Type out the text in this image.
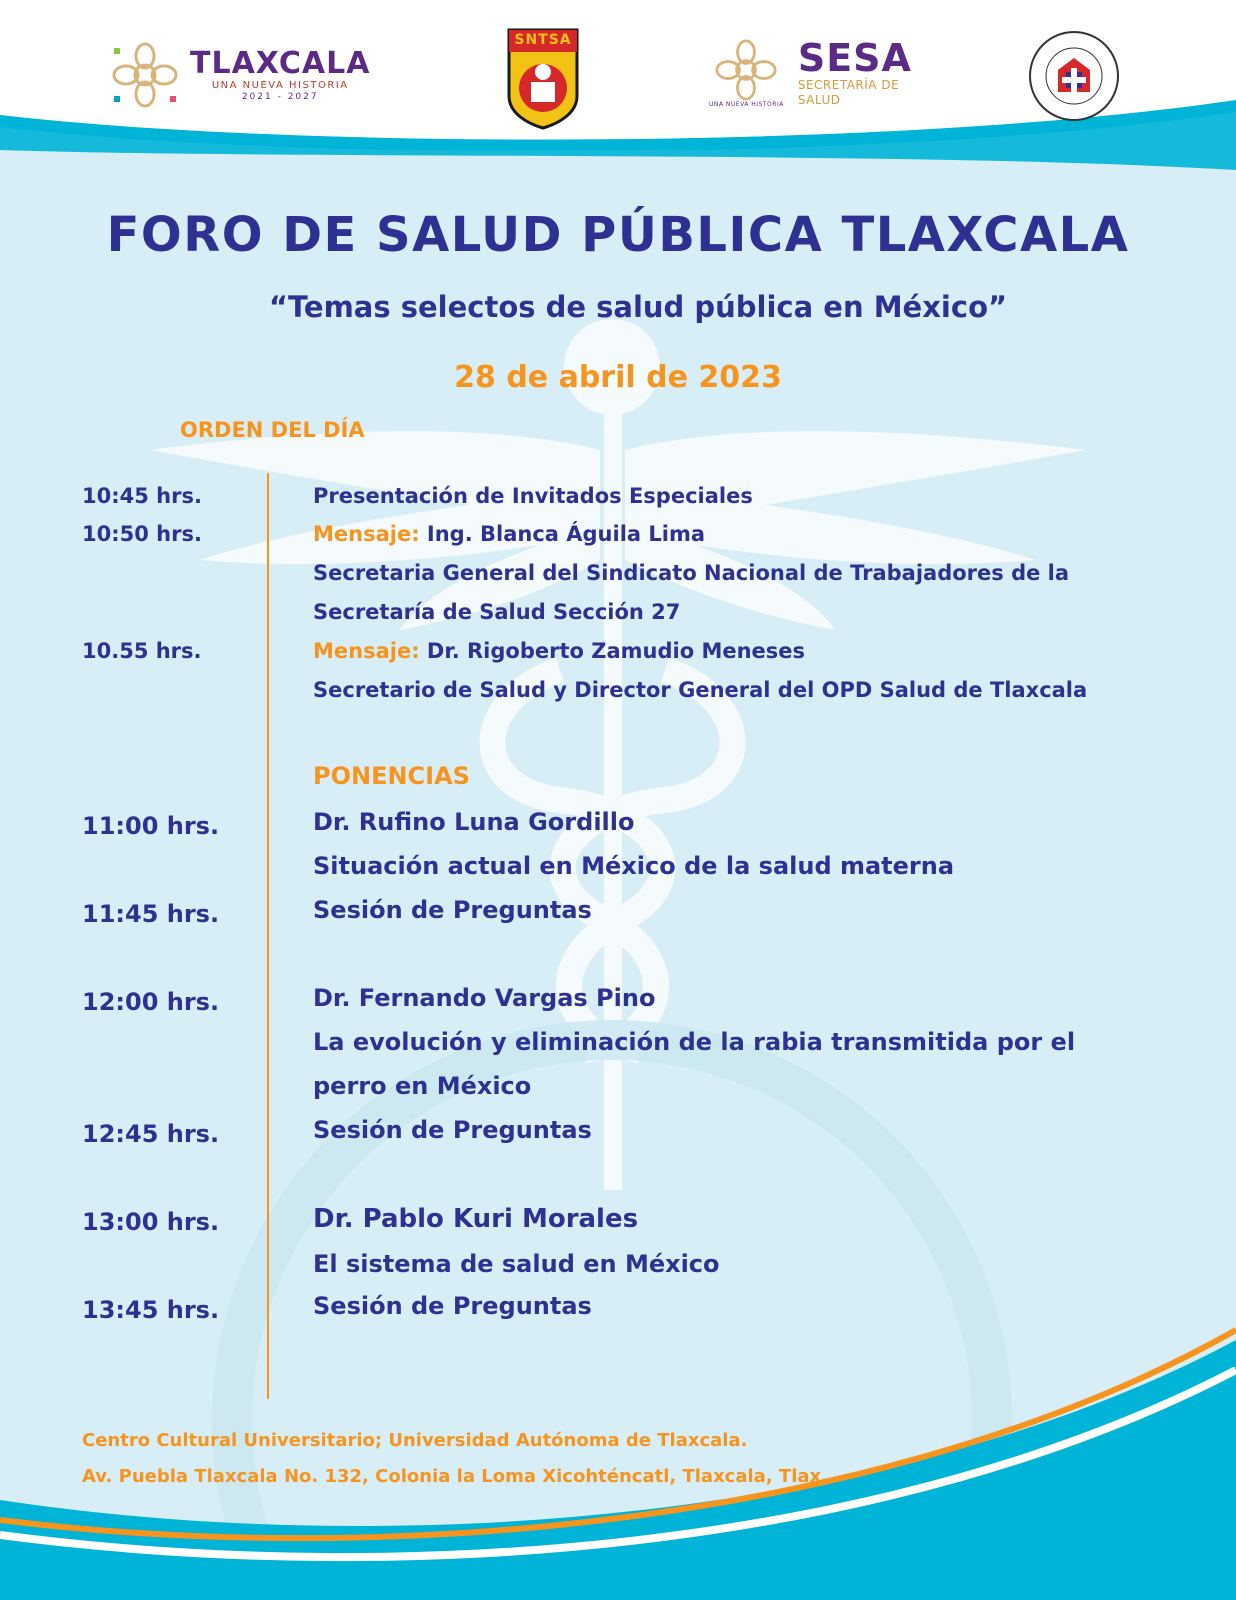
TLAXCALA
UNA NUEVA HISTORIA
2021 - 2027
SNTSA
UNA NUEVA HISTORIA
SESA
SECRETARÍA DE
SALUD
FORO DE SALUD PÚBLICA TLAXCALA
“Temas selectos de salud pública en México”
28 de abril de 2023
ORDEN DEL DÍA
10:45 hrs.	Presentación de Invitados Especiales
10:50 hrs.	Mensaje: Ing. Blanca Águila Lima
Secretaria General del Sindicato Nacional de Trabajadores de la
Secretaría de Salud Sección 27
10.55 hrs.	Mensaje: Dr. Rigoberto Zamudio Meneses
Secretario de Salud y Director General del OPD Salud de Tlaxcala
PONENCIAS
11:00 hrs.	Dr. Rufino Luna Gordillo
Situación actual en México de la salud materna
11:45 hrs.	Sesión de Preguntas
12:00 hrs.	Dr. Fernando Vargas Pino
La evolución y eliminación de la rabia transmitida por el
perro en México
12:45 hrs.	Sesión de Preguntas
13:00 hrs.	Dr. Pablo Kuri Morales
El sistema de salud en México
13:45 hrs.	Sesión de Preguntas
Centro Cultural Universitario; Universidad Autónoma de Tlaxcala.
Av. Puebla Tlaxcala No. 132, Colonia la Loma Xicohténcatl, Tlaxcala, Tlax.
